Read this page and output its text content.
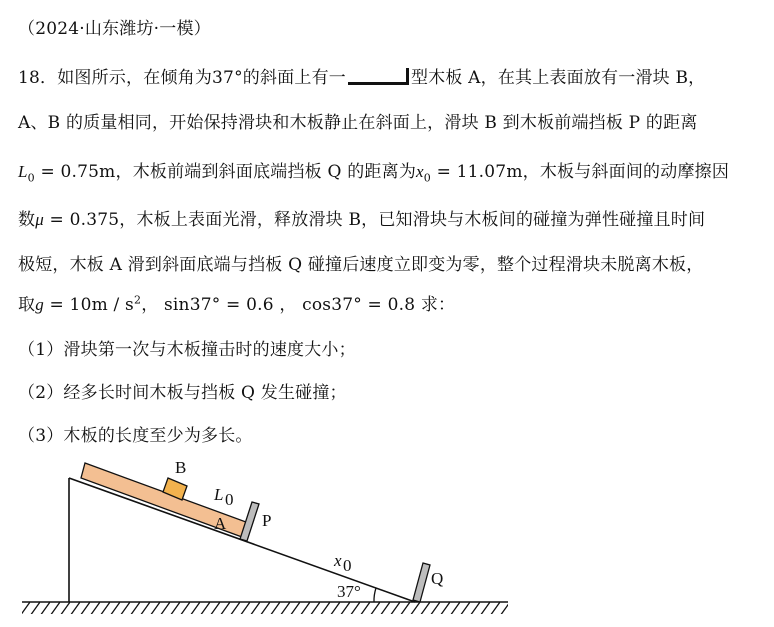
（2024·山东潍坊·一模）
18．如图所示，在倾角为37°的斜面上有一	型木板 A，在其上表面放有一滑块 B，
A、B 的质量相同，开始保持滑块和木板静止在斜面上，滑块 B 到木板前端挡板 P 的距离
$L_0 = 0.75m$，木板前端到斜面底端挡板 Q 的距离为$x_0 = 11.07m$，木板与斜面间的动摩擦因
数μ = 0.375，木板上表面光滑，释放滑块 B，已知滑块与木板间的碰撞为弹性碰撞且时间
极短，木板 A 滑到斜面底端与挡板 Q 碰撞后速度立即变为零，整个过程滑块未脱离木板，
取$g = 10m / s^2$， sin37° = 0.6 ， cos37° = 0.8 求：
（1）滑块第一次与木板撞击时的速度大小；
（2）经多长时间木板与挡板 Q 发生碰撞；
（3）木板的长度至少为多长。
B
L 0
A P
x 0
37°
Q
